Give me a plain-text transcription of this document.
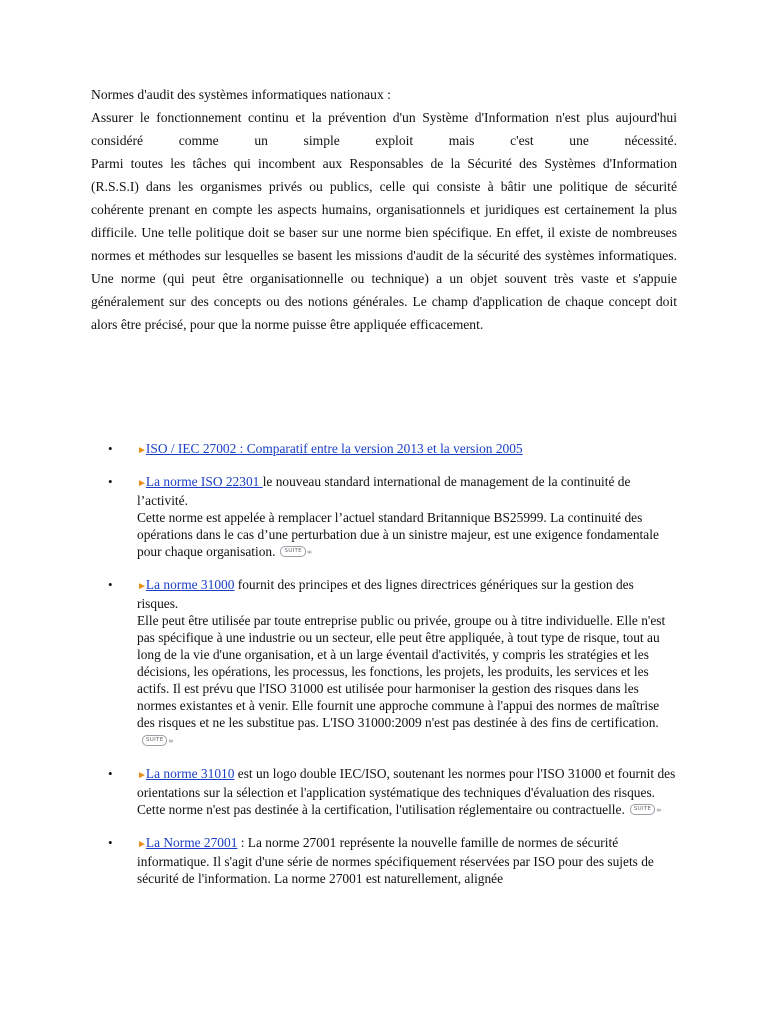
Normes d'audit des systèmes informatiques nationaux :

Assurer le fonctionnement continu et la prévention d'un Système d'Information n'est plus aujourd'hui considéré comme un simple exploit mais c'est une nécessité.

Parmi toutes les tâches qui incombent aux Responsables de la Sécurité des Systèmes d'Information (R.S.S.I) dans les organismes privés ou publics, celle qui consiste à bâtir une politique de sécurité cohérente prenant en compte les aspects humains, organisationnels et juridiques est certainement la plus difficile. Une telle politique doit se baser sur une norme bien spécifique. En effet, il existe de nombreuses normes et méthodes sur lesquelles se basent les missions d'audit de la sécurité des systèmes informatiques.

Une norme (qui peut être organisationnelle ou technique) a un objet souvent très vaste et s'appuie généralement sur des concepts ou des notions générales. Le champ d'application de chaque concept doit alors être précisé, pour que la norme puisse être appliquée efficacement.

•	►ISO / IEC 27002 : Comparatif entre la version 2013 et la version 2005
•	►La norme ISO 22301 le nouveau standard international de management de la continuité de l’activité.
Cette norme est appelée à remplacer l’actuel standard Britannique BS25999. La continuité des opérations dans le cas d’une perturbation due à un sinistre majeur, est une exigence fondamentale pour chaque organisation. SUITE »»
•	►La norme 31000 fournit des principes et des lignes directrices génériques sur la gestion des risques.
Elle peut être utilisée par toute entreprise public ou privée, groupe ou à titre individuelle. Elle n'est pas spécifique à une industrie ou un secteur, elle peut être appliquée, à tout type de risque, tout au long de la vie d'une organisation, et à un large éventail d'activités, y compris les stratégies et les décisions, les opérations, les processus, les fonctions, les projets, les produits, les services et les actifs. Il est prévu que l'ISO 31000 est utilisée pour harmoniser la gestion des risques dans les normes existantes et à venir. Elle fournit une approche commune à l'appui des normes de maîtrise des risques et ne les substitue pas. L'ISO 31000:2009 n'est pas destinée à des fins de certification.SUITE »»
•	►La norme 31010 est un logo double IEC/ISO, soutenant les normes pour l'ISO 31000 et fournit des orientations sur la sélection et l'application systématique des techniques d'évaluation des risques. Cette norme n'est pas destinée à la certification, l'utilisation réglementaire ou contractuelle. SUITE »»
•	►La Norme 27001 : La norme 27001 représente la nouvelle famille de normes de sécurité informatique. Il s'agit d'une série de normes spécifiquement réservées par ISO pour des sujets de sécurité de l'information. La norme 27001 est naturellement, alignée
